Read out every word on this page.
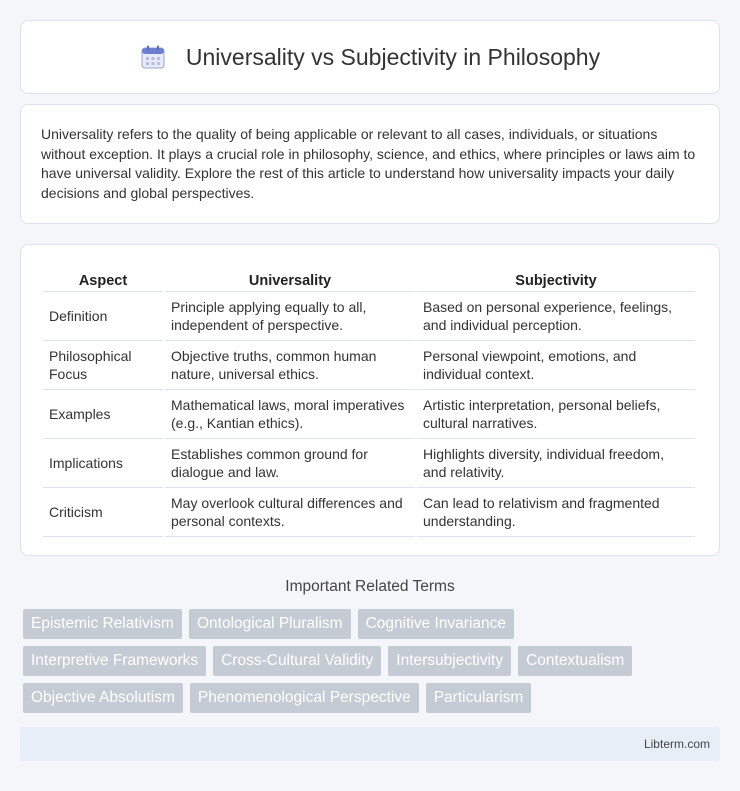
Universality vs Subjectivity in Philosophy

Universality refers to the quality of being applicable or relevant to all cases, individuals, or situations without exception. It plays a crucial role in philosophy, science, and ethics, where principles or laws aim to have universal validity. Explore the rest of this article to understand how universality impacts your daily decisions and global perspectives.

Aspect	Universality	Subjectivity
Definition	Principle applying equally to all, independent of perspective.	Based on personal experience, feelings, and individual perception.
Philosophical Focus	Objective truths, common human nature, universal ethics.	Personal viewpoint, emotions, and individual context.
Examples	Mathematical laws, moral imperatives (e.g., Kantian ethics).	Artistic interpretation, personal beliefs, cultural narratives.
Implications	Establishes common ground for dialogue and law.	Highlights diversity, individual freedom, and relativity.
Criticism	May overlook cultural differences and personal contexts.	Can lead to relativism and fragmented understanding.
Important Related Terms
Epistemic Relativism	Ontological Pluralism	Cognitive Invariance
Interpretive Frameworks	Cross-Cultural Validity	Intersubjectivity	Contextualism
Objective Absolutism	Phenomenological Perspective	Particularism
Libterm.com
